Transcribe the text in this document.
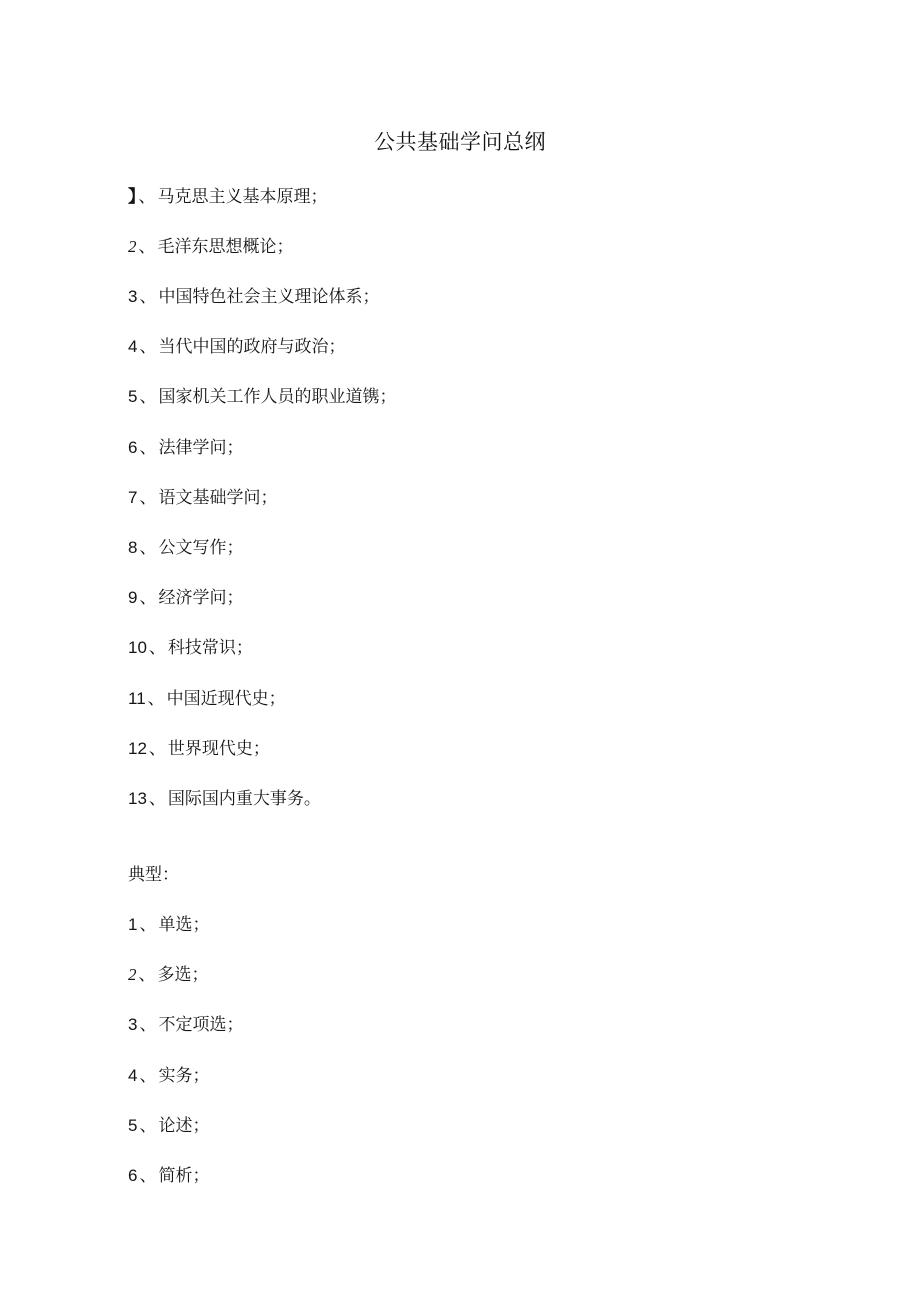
公共基础学问总纲
】 、 马克思主义基本原理；
2 、 毛洋东思想概论；
3 、 中国特色社会主义理论体系；
4 、 当代中国的政府与政治；
5 、 国家机关工作人员的职业道镌；
6 、 法律学问；
7 、 语文基础学问；
8 、 公文写作；
9 、 经济学问；
10 、 科技常识；
11 、 中国近现代史；
12 、 世界现代史；
13 、 国际国内重大事务。
典型：
1 、 单选；
2 、 多选；
3 、 不定项选；
4 、 实务；
5 、 论述；
6 、 简析；
